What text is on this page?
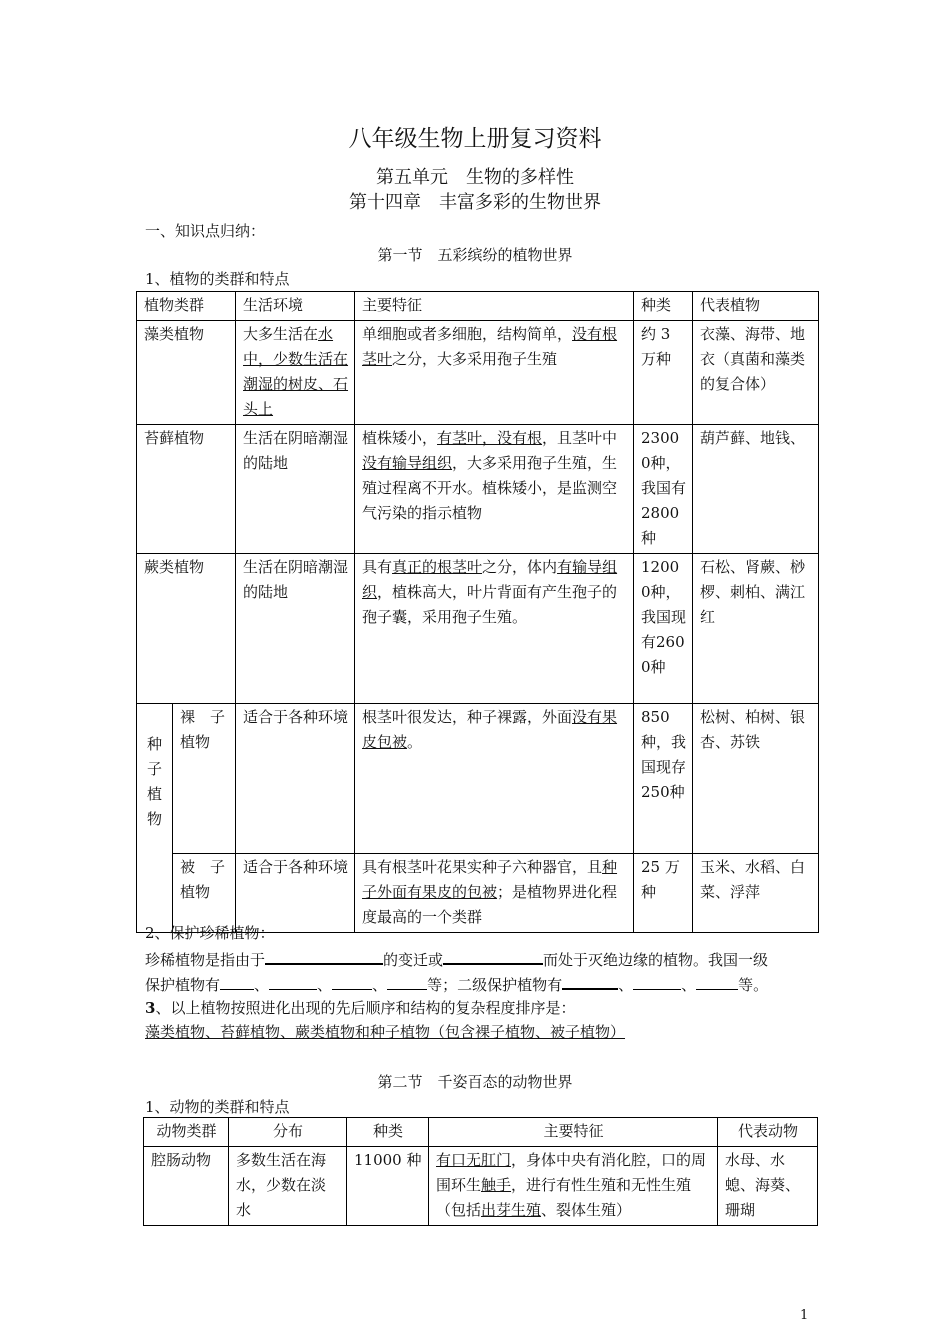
八年级生物上册复习资料
第五单元　生物的多样性
第十四章　丰富多彩的生物世界
一、知识点归纳：
第一节　五彩缤纷的植物世界
1、植物的类群和特点
植物类群		生活环境	主要特征	种类	代表植物
藻类植物		大多生活在水中，少数生活在潮湿的树皮、石头上	单细胞或者多细胞，结构简单，没有根茎叶之分，大多采用孢子生殖	约 3 万种	衣藻、海带、地衣（真菌和藻类的复合体）
苔藓植物		生活在阴暗潮湿的陆地	植株矮小，有茎叶，没有根，且茎叶中没有输导组织，大多采用孢子生殖，生殖过程离不开水。植株矮小，是监测空气污染的指示植物	23000种，我国有2800种	葫芦藓、地钱、
蕨类植物		生活在阴暗潮湿的陆地	具有真正的根茎叶之分，体内有输导组织，植株高大，叶片背面有产生孢子的孢子囊，采用孢子生殖。	12000种，我国现有2600种	石松、肾蕨、桫椤、刺柏、满江红

种
子
植
物	裸　子植物	适合于各种环境	根茎叶很发达，种子裸露，外面没有果皮包被。	850 种，我国现存250种	松树、柏树、银杏、苏铁
	被　子植物	适合于各种环境	具有根茎叶花果实种子六种器官，且种子外面有果皮的包被；是植物界进化程度最高的一个类群	25 万种	玉米、水稻、白菜、浮萍
2、保护珍稀植物：
珍稀植物是指由于	的变迁或	而处于灭绝边缘的植物。我国一级
保护植物有 、	、	、	等；二级保护植物有	、	、	等。
3、以上植物按照进化出现的先后顺序和结构的复杂程度排序是：
藻类植物、苔藓植物、蕨类植物和种子植物（包含裸子植物、被子植物）
第二节　千姿百态的动物世界
1、动物的类群和特点
动物类群	分布	种类	主要特征	代表动物
腔肠动物	多数生活在海水，少数在淡水	11000 种	有口无肛门，身体中央有消化腔，口的周围环生触手，进行有性生殖和无性生殖（包括出芽生殖、裂体生殖）	水母、水螅、海葵、珊瑚
1
